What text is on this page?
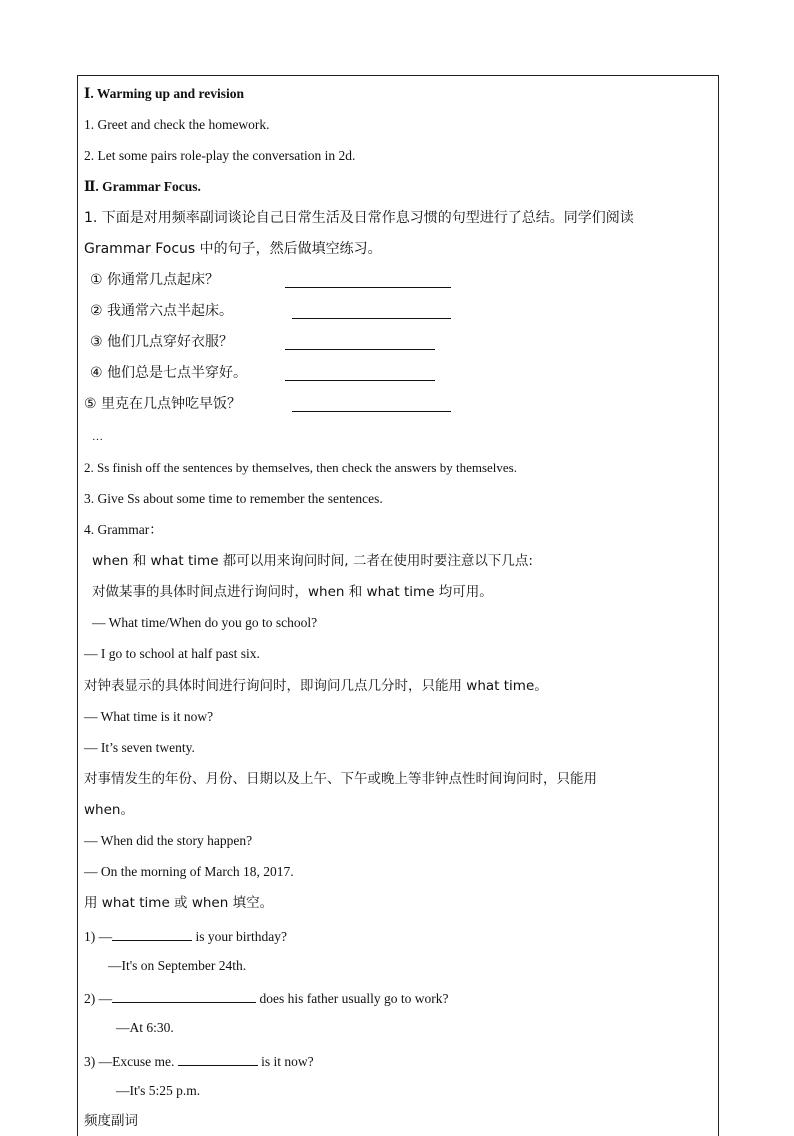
Ⅰ. Warming up and revision
1. Greet and check the homework.
2. Let some pairs role-play the conversation in 2d.
Ⅱ. Grammar Focus.
1. 下面是对用频率副词谈论自己日常生活及日常作息习惯的句型进行了总结。同学们阅读
Grammar Focus 中的句子，然后做填空练习。
① 你通常几点起床？
② 我通常六点半起床。
③ 他们几点穿好衣服？
④ 他们总是七点半穿好。
⑤ 里克在几点钟吃早饭？
…
2. Ss finish off the sentences by themselves, then check the answers by themselves.
3. Give Ss about some time to remember the sentences.
4. Grammar：
when 和 what time 都可以用来询问时间, 二者在使用时要注意以下几点:
对做某事的具体时间点进行询问时，when 和 what time 均可用。
— What time/When do you go to school?
— I go to school at half past six.
对钟表显示的具体时间进行询问时，即询问几点几分时，只能用 what time。
— What time is it now?
— It’s seven twenty.
对事情发生的年份、月份、日期以及上午、下午或晚上等非钟点性时间询问时，只能用
when。
— When did the story happen?
— On the morning of March 18, 2017.
用 what time 或 when 填空。
1) —	is your birthday?
—It's on September 24th.
2) —	does his father usually go to work?
—At 6:30.
3) —Excuse me.	is it now?
—It's 5:25 p.m.
频度副词
